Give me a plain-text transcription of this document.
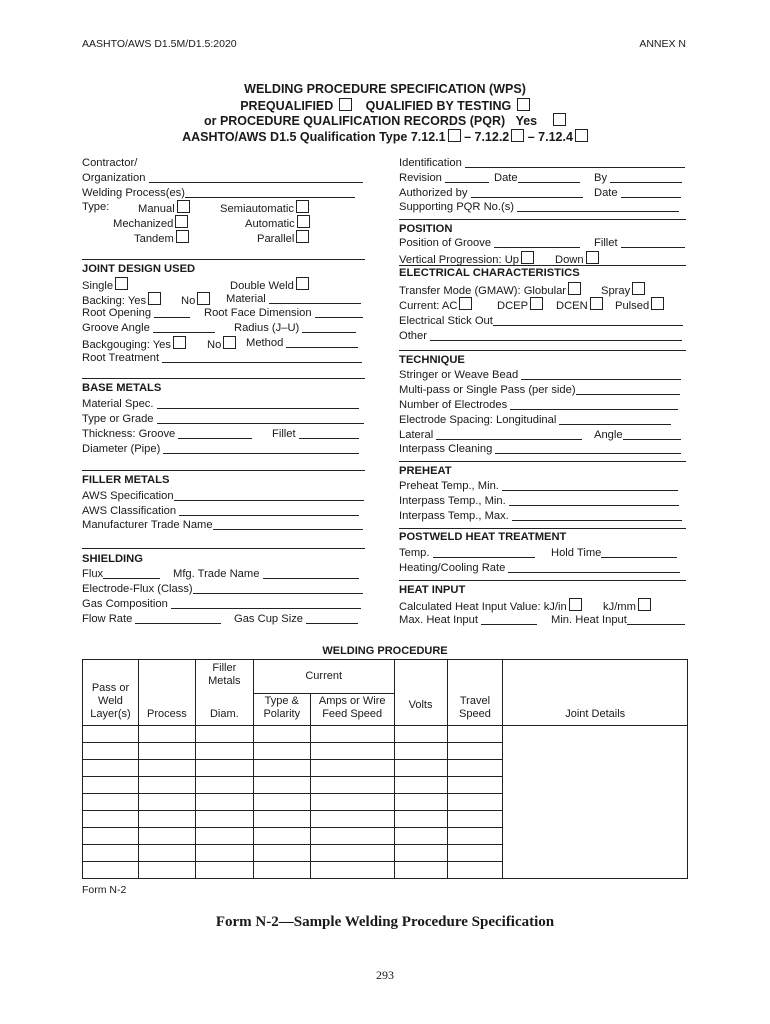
AASHTO/AWS D1.5M/D1.5:2020	ANNEX N
WELDING PROCEDURE SPECIFICATION (WPS)
PREQUALIFIED	QUALIFIED BY TESTING
or PROCEDURE QUALIFICATION RECORDS (PQR) Yes
AASHTO/AWS D1.5 Qualification Type 7.12.1 – 7.12.2 – 7.12.4
Contractor/
Organization
Welding Process(es)
Type:	Manual	Semiautomatic
Mechanized	Automatic
Tandem	Parallel
JOINT DESIGN USED
Single	Double Weld
Backing: Yes	No	Material
Root Opening	Root Face Dimension
Groove Angle	Radius (J–U)
Backgouging: Yes	No	Method
Root Treatment
BASE METALS
Material Spec.
Type or Grade
Thickness: Groove	Fillet
Diameter (Pipe)
FILLER METALS
AWS Specification
AWS Classification
Manufacturer Trade Name
SHIELDING
Flux	Mfg. Trade Name
Electrode-Flux (Class)
Gas Composition
Flow Rate	Gas Cup Size
Identification
Revision	Date	By
Authorized by	Date
Supporting PQR No.(s)
POSITION
Position of Groove	Fillet
Vertical Progression: Up	Down
ELECTRICAL CHARACTERISTICS
Transfer Mode (GMAW): Globular	Spray
Current: AC	DCEP	DCEN	Pulsed
Electrical Stick Out
Other
TECHNIQUE
Stringer or Weave Bead
Multi-pass or Single Pass (per side)
Number of Electrodes
Electrode Spacing: Longitudinal
Lateral	Angle
Interpass Cleaning
PREHEAT
Preheat Temp., Min.
Interpass Temp., Min.
Interpass Temp., Max.
POSTWELD HEAT TREATMENT
Temp.	Hold Time
Heating/Cooling Rate
HEAT INPUT
Calculated Heat Input Value: kJ/in	kJ/mm
Max. Heat Input	Min. Heat Input
WELDING PROCEDURE
Pass or Weld Layer(s)	Process	Filler Metals	Current		Volts	Travel Speed	Joint Details
		Diam.	Type & Polarity	Amps or Wire Feed Speed			

Form N-2
Form N-2—Sample Welding Procedure Specification
293
